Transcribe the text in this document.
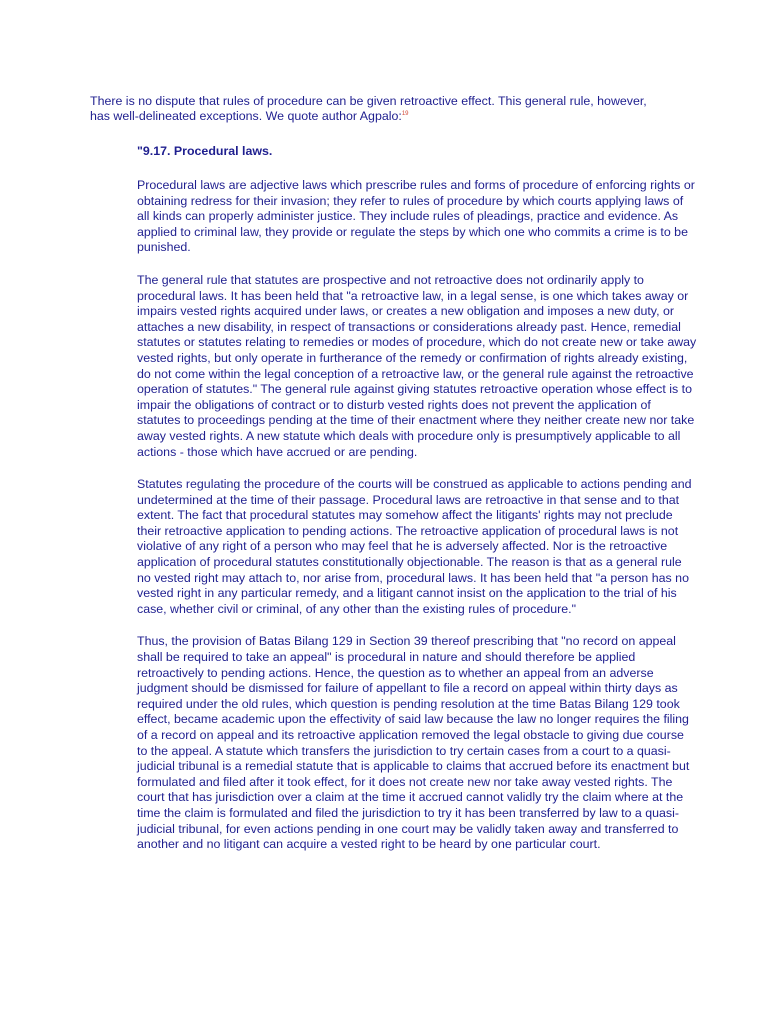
There is no dispute that rules of procedure can be given retroactive effect. This general rule, however, has well-delineated exceptions. We quote author Agpalo:$^{19}$

"9.17. Procedural laws.

Procedural laws are adjective laws which prescribe rules and forms of procedure of enforcing rights or obtaining redress for their invasion; they refer to rules of procedure by which courts applying laws of all kinds can properly administer justice. They include rules of pleadings, practice and evidence. As applied to criminal law, they provide or regulate the steps by which one who commits a crime is to be punished.

The general rule that statutes are prospective and not retroactive does not ordinarily apply to procedural laws. It has been held that "a retroactive law, in a legal sense, is one which takes away or impairs vested rights acquired under laws, or creates a new obligation and imposes a new duty, or attaches a new disability, in respect of transactions or considerations already past. Hence, remedial statutes or statutes relating to remedies or modes of procedure, which do not create new or take away vested rights, but only operate in furtherance of the remedy or confirmation of rights already existing, do not come within the legal conception of a retroactive law, or the general rule against the retroactive operation of statutes." The general rule against giving statutes retroactive operation whose effect is to impair the obligations of contract or to disturb vested rights does not prevent the application of statutes to proceedings pending at the time of their enactment where they neither create new nor take away vested rights. A new statute which deals with procedure only is presumptively applicable to all actions - those which have accrued or are pending.

Statutes regulating the procedure of the courts will be construed as applicable to actions pending and undetermined at the time of their passage. Procedural laws are retroactive in that sense and to that extent. The fact that procedural statutes may somehow affect the litigants' rights may not preclude their retroactive application to pending actions. The retroactive application of procedural laws is not violative of any right of a person who may feel that he is adversely affected. Nor is the retroactive application of procedural statutes constitutionally objectionable. The reason is that as a general rule no vested right may attach to, nor arise from, procedural laws. It has been held that "a person has no vested right in any particular remedy, and a litigant cannot insist on the application to the trial of his case, whether civil or criminal, of any other than the existing rules of procedure."

Thus, the provision of Batas Bilang 129 in Section 39 thereof prescribing that "no record on appeal shall be required to take an appeal" is procedural in nature and should therefore be applied retroactively to pending actions. Hence, the question as to whether an appeal from an adverse judgment should be dismissed for failure of appellant to file a record on appeal within thirty days as required under the old rules, which question is pending resolution at the time Batas Bilang 129 took effect, became academic upon the effectivity of said law because the law no longer requires the filing of a record on appeal and its retroactive application removed the legal obstacle to giving due course to the appeal. A statute which transfers the jurisdiction to try certain cases from a court to a quasi-judicial tribunal is a remedial statute that is applicable to claims that accrued before its enactment but formulated and filed after it took effect, for it does not create new nor take away vested rights. The court that has jurisdiction over a claim at the time it accrued cannot validly try the claim where at the time the claim is formulated and filed the jurisdiction to try it has been transferred by law to a quasi-judicial tribunal, for even actions pending in one court may be validly taken away and transferred to another and no litigant can acquire a vested right to be heard by one particular court.
